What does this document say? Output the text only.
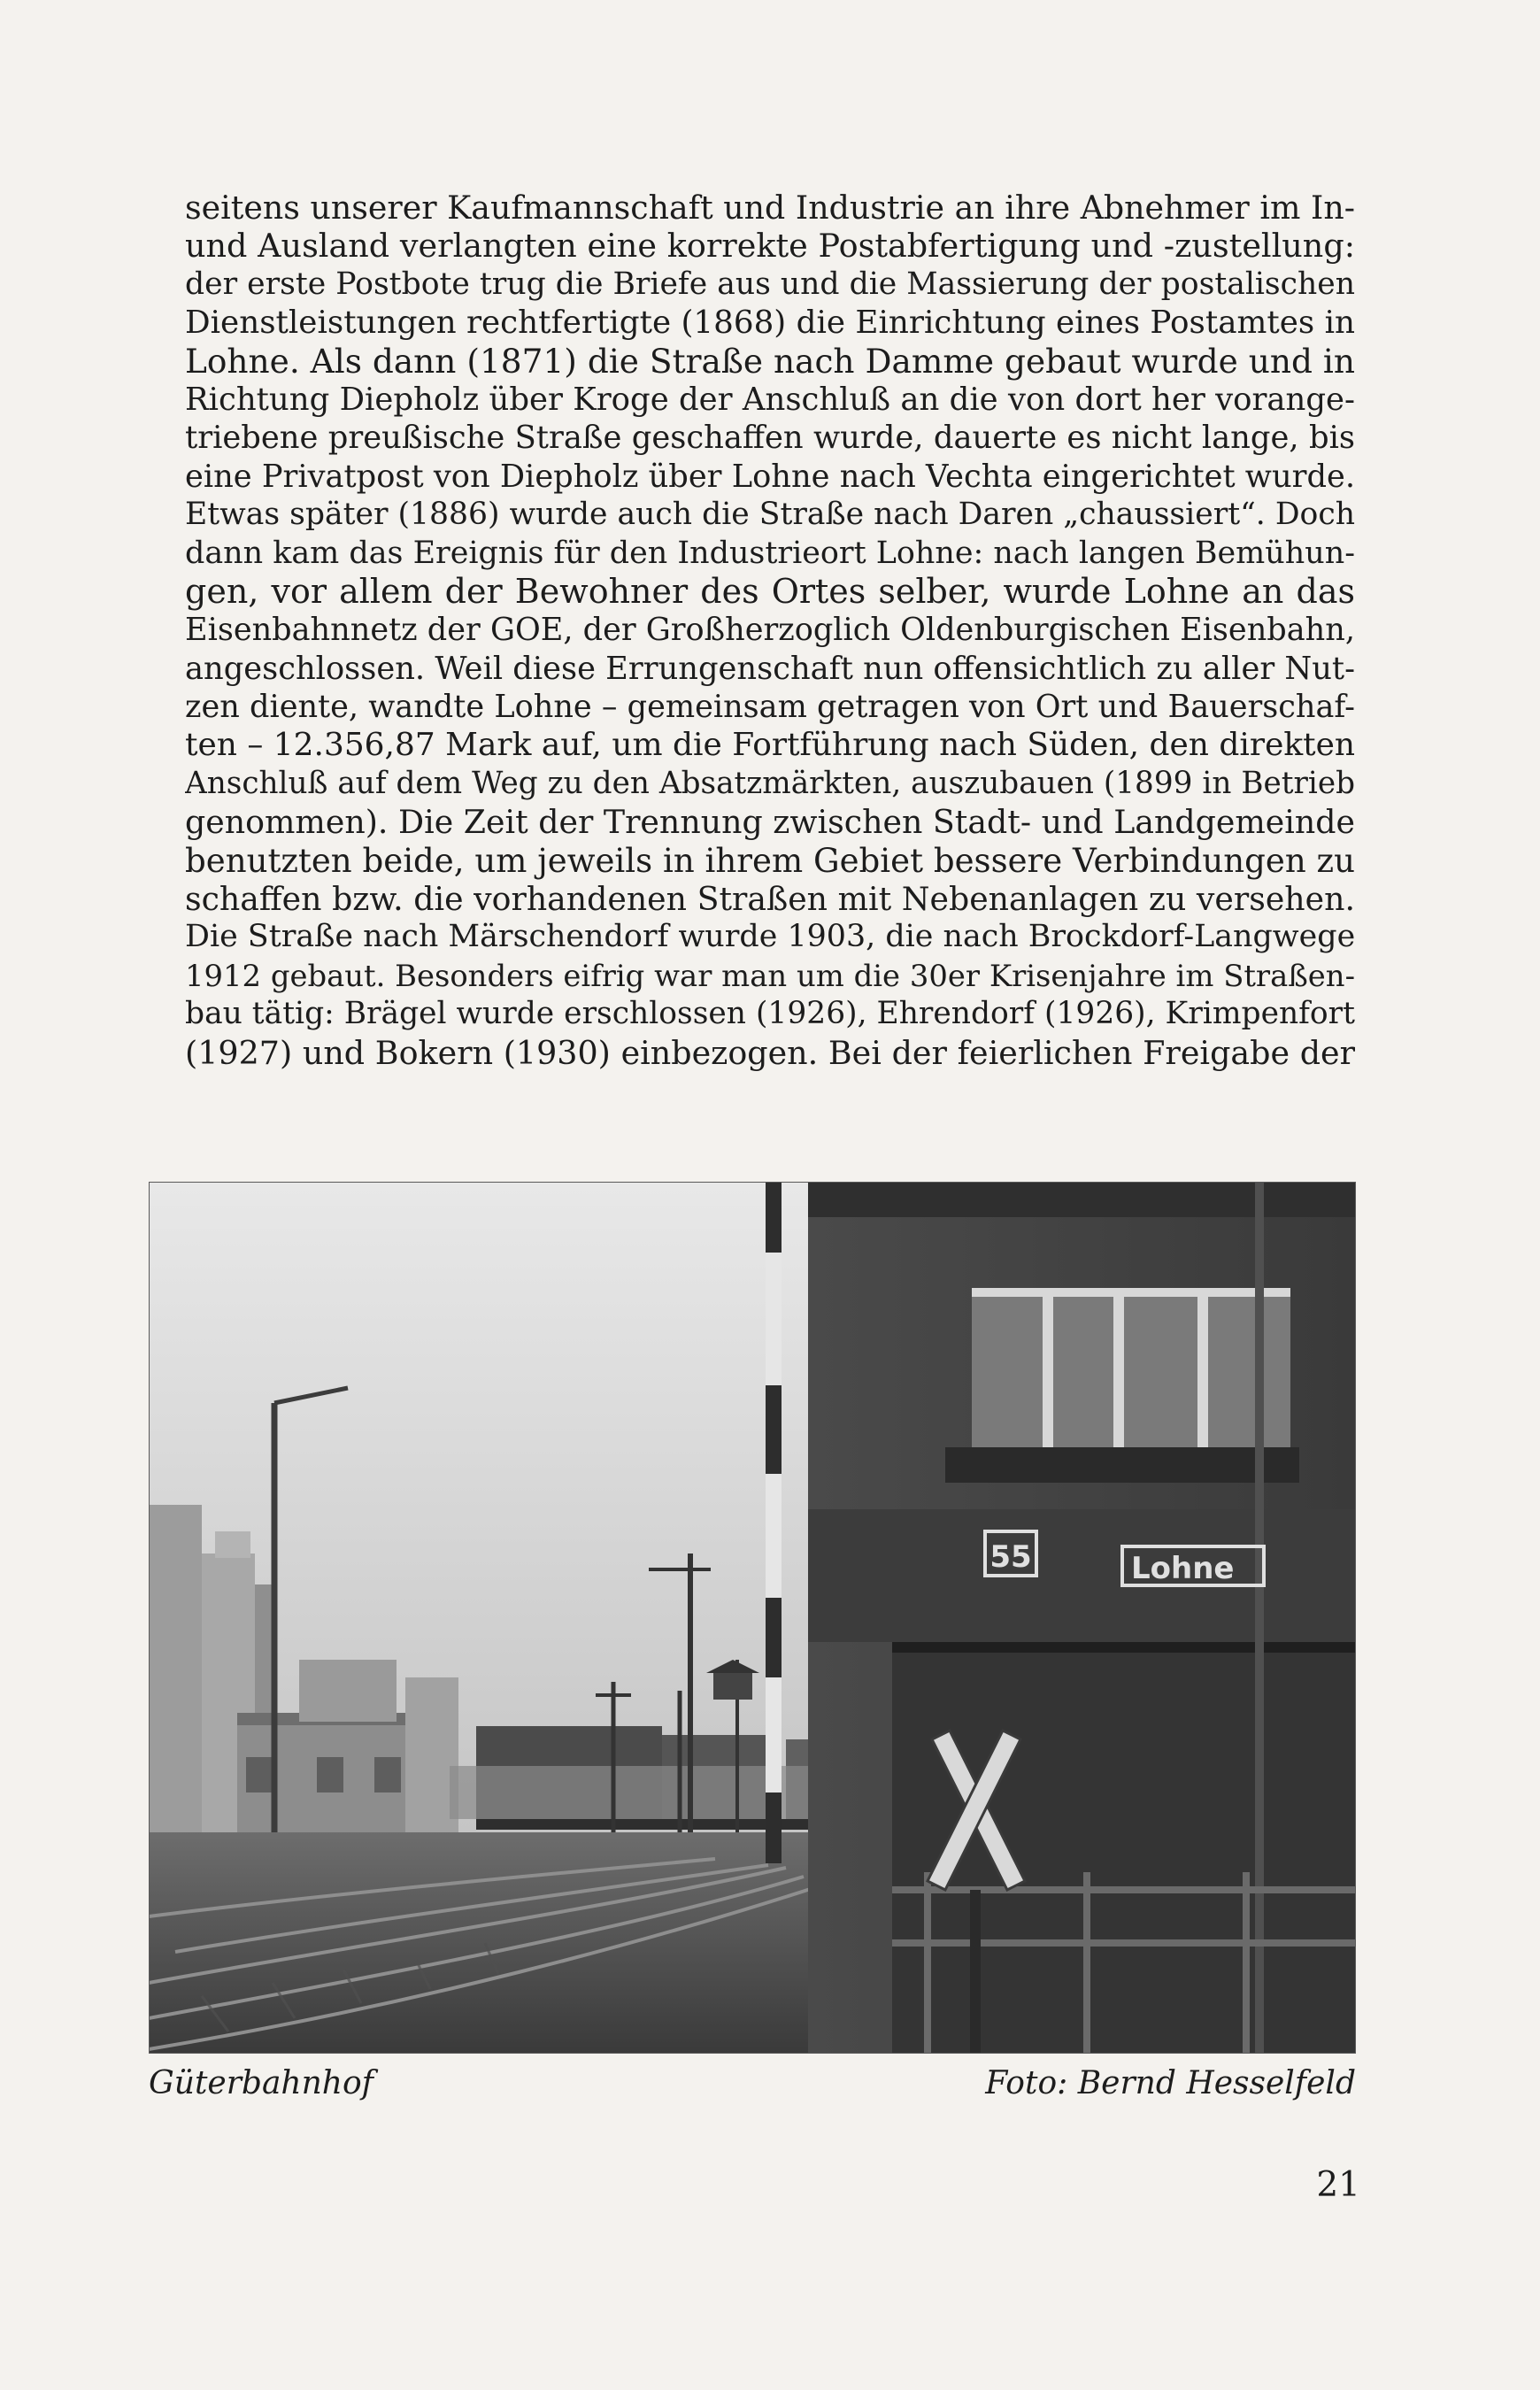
seitens unserer Kaufmannschaft und Industrie an ihre Abnehmer im In-
und Ausland verlangten eine korrekte Postabfertigung und -zustellung:
der erste Postbote trug die Briefe aus und die Massierung der postalischen
Dienstleistungen rechtfertigte (1868) die Einrichtung eines Postamtes in
Lohne. Als dann (1871) die Straße nach Damme gebaut wurde und in
Richtung Diepholz über Kroge der Anschluß an die von dort her vorange-
triebene preußische Straße geschaffen wurde, dauerte es nicht lange, bis
eine Privatpost von Diepholz über Lohne nach Vechta eingerichtet wurde.
Etwas später (1886) wurde auch die Straße nach Daren „chaussiert“. Doch
dann kam das Ereignis für den Industrieort Lohne: nach langen Bemühun-
gen, vor allem der Bewohner des Ortes selber, wurde Lohne an das
Eisenbahnnetz der GOE, der Großherzoglich Oldenburgischen Eisenbahn,
angeschlossen. Weil diese Errungenschaft nun offensichtlich zu aller Nut-
zen diente, wandte Lohne – gemeinsam getragen von Ort und Bauerschaf-
ten – 12.356,87 Mark auf, um die Fortführung nach Süden, den direkten
Anschluß auf dem Weg zu den Absatzmärkten, auszubauen (1899 in Betrieb
genommen). Die Zeit der Trennung zwischen Stadt- und Landgemeinde
benutzten beide, um jeweils in ihrem Gebiet bessere Verbindungen zu
schaffen bzw. die vorhandenen Straßen mit Nebenanlagen zu versehen.
Die Straße nach Märschendorf wurde 1903, die nach Brockdorf-Langwege
1912 gebaut. Besonders eifrig war man um die 30er Krisenjahre im Straßen-
bau tätig: Brägel wurde erschlossen (1926), Ehrendorf (1926), Krimpenfort
(1927) und Bokern (1930) einbezogen. Bei der feierlichen Freigabe der
55	Lohne
Güterbahnhof	Foto: Bernd Hesselfeld
21
